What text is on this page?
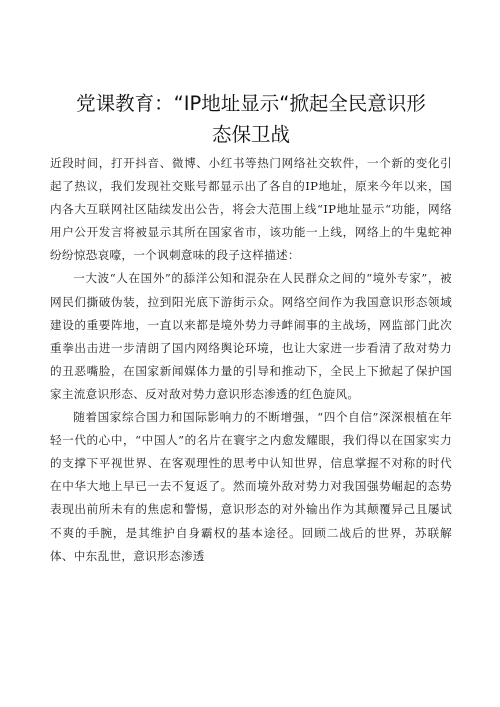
党课教育：“IP地址显示“掀起全民意识形态保卫战

近段时间，打开抖音、微博、小红书等热门网络社交软件，一个新的变化引起了热议，我们发现社交账号都显示出了各自的IP地址，原来今年以来，国内各大互联网社区陆续发出公告，将会大范围上线“IP地址显示“功能，网络用户公开发言将被显示其所在国家省市，该功能一上线，网络上的牛鬼蛇神纷纷惊恐哀嚎，一个讽刺意味的段子这样描述：

一大波“人在国外”的舔洋公知和混杂在人民群众之间的“境外专家”，被网民们撕破伪装，拉到阳光底下游街示众。网络空间作为我国意识形态领域建设的重要阵地，一直以来都是境外势力寻衅闹事的主战场，网监部门此次重拳出击进一步清朗了国内网络舆论环境，也让大家进一步看清了敌对势力的丑恶嘴脸，在国家新闻媒体力量的引导和推动下，全民上下掀起了保护国家主流意识形态、反对敌对势力意识形态渗透的红色旋风。

随着国家综合国力和国际影响力的不断增强，“四个自信”深深根植在年轻一代的心中，“中国人”的名片在寰宇之内愈发耀眼，我们得以在国家实力的支撑下平视世界、在客观理性的思考中认知世界，信息掌握不对称的时代在中华大地上早已一去不复返了。然而境外敌对势力对我国强势崛起的态势表现出前所未有的焦虑和警惕，意识形态的对外输出作为其颠覆异己且屡试不爽的手腕，是其维护自身霸权的基本途径。回顾二战后的世界，苏联解体、中东乱世，意识形态渗透
